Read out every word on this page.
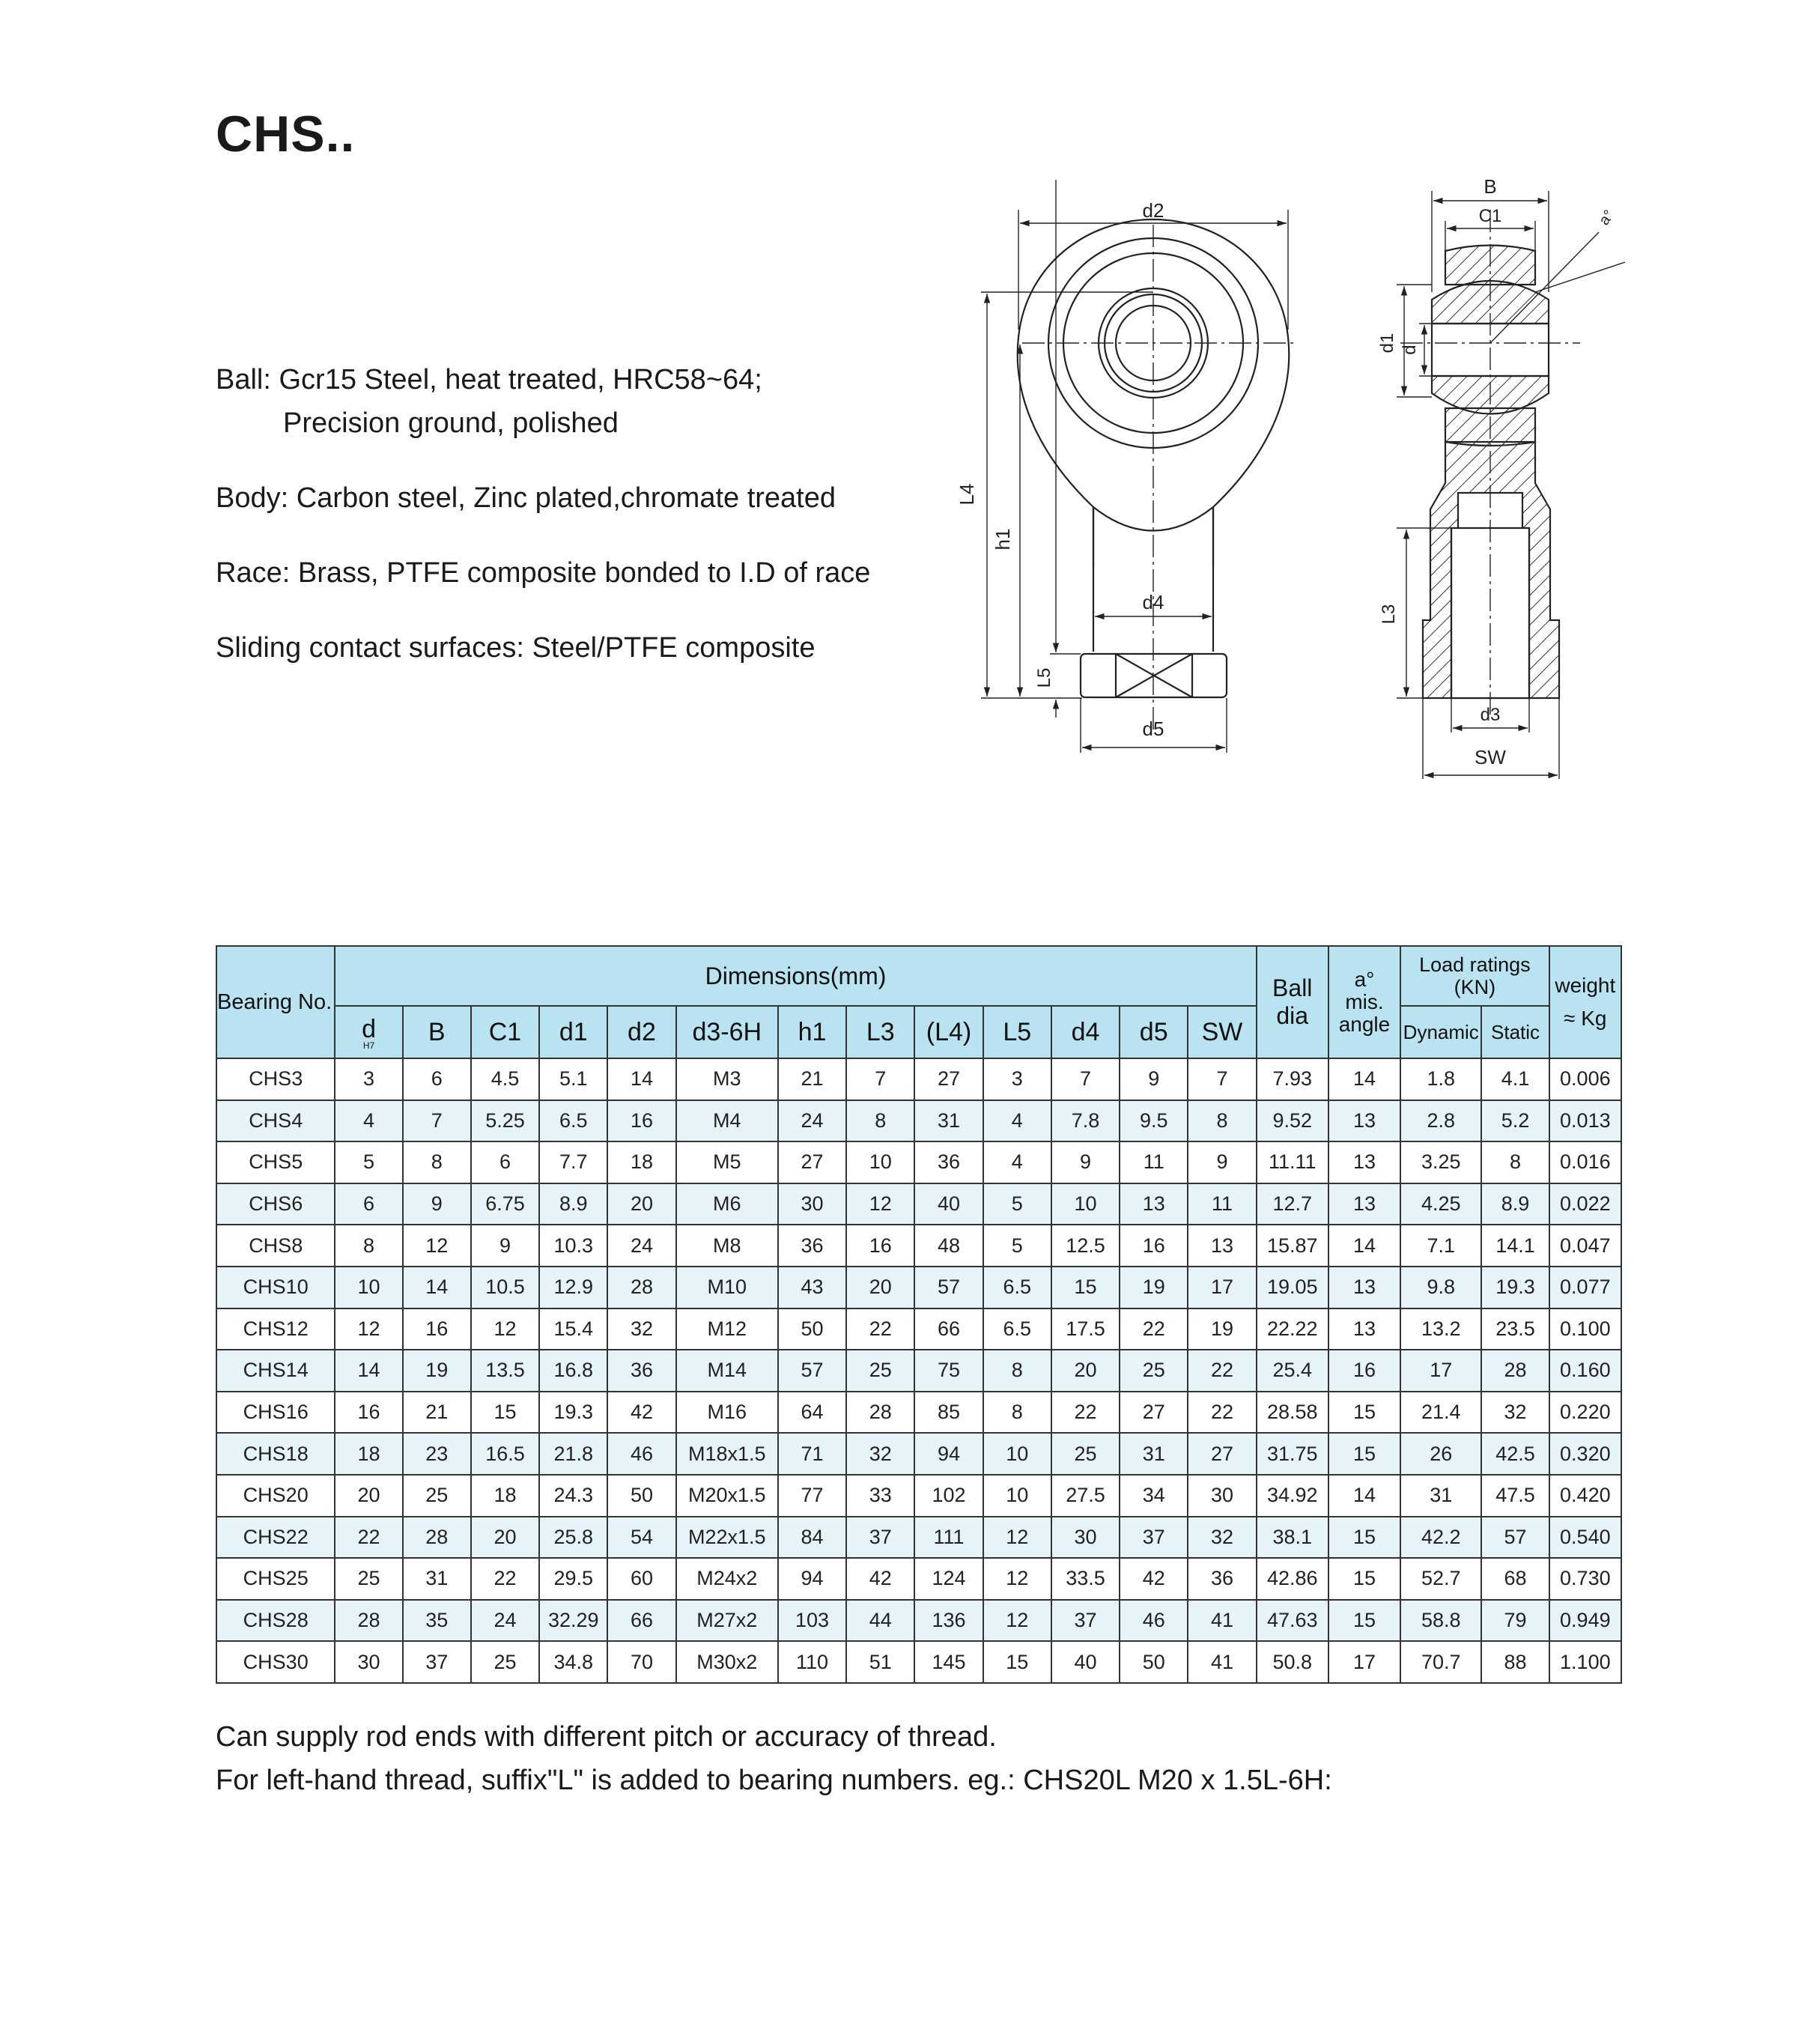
CHS..
Ball: Gcr15 Steel, heat treated, HRC58~64;
Precision ground, polished
Body: Carbon steel, Zinc plated,chromate treated
Race: Brass, PTFE composite bonded to I.D of race
Sliding contact surfaces: Steel/PTFE composite
d2
L4
h1
d4
L5
d5
B
C1	a°
d1 d
L3
d3
SW
Bearing No.	Dimensions(mm)	Ball
dia

a°
mis.
angle

Load ratings
(KN)	weight
≈ Kg

	d
H7	B	C1	d1	d2	d3-6H	h1	L3	(L4)	L5	d4	d5	SW			Dynamic	Static	
CHS3	3	6	4.5	5.1	14	M3	21	7	27	3	7	9	7	7.93	14	1.8	4.1	0.006
CHS4	4	7	5.25	6.5	16	M4	24	8	31	4	7.8	9.5	8	9.52	13	2.8	5.2	0.013
CHS5	5	8	6	7.7	18	M5	27	10	36	4	9	11	9	11.11	13	3.25	8	0.016
CHS6	6	9	6.75	8.9	20	M6	30	12	40	5	10	13	11	12.7	13	4.25	8.9	0.022
CHS8	8	12	9	10.3	24	M8	36	16	48	5	12.5	16	13	15.87	14	7.1	14.1	0.047
CHS10	10	14	10.5	12.9	28	M10	43	20	57	6.5	15	19	17	19.05	13	9.8	19.3	0.077
CHS12	12	16	12	15.4	32	M12	50	22	66	6.5	17.5	22	19	22.22	13	13.2	23.5	0.100
CHS14	14	19	13.5	16.8	36	M14	57	25	75	8	20	25	22	25.4	16	17	28	0.160
CHS16	16	21	15	19.3	42	M16	64	28	85	8	22	27	22	28.58	15	21.4	32	0.220
CHS18	18	23	16.5	21.8	46	M18x1.5	71	32	94	10	25	31	27	31.75	15	26	42.5	0.320
CHS20	20	25	18	24.3	50	M20x1.5	77	33	102	10	27.5	34	30	34.92	14	31	47.5	0.420
CHS22	22	28	20	25.8	54	M22x1.5	84	37	111	12	30	37	32	38.1	15	42.2	57	0.540
CHS25	25	31	22	29.5	60	M24x2	94	42	124	12	33.5	42	36	42.86	15	52.7	68	0.730
CHS28	28	35	24	32.29	66	M27x2	103	44	136	12	37	46	41	47.63	15	58.8	79	0.949
CHS30	30	37	25	34.8	70	M30x2	110	51	145	15	40	50	41	50.8	17	70.7	88	1.100
Can supply rod ends with different pitch or accuracy of thread.
For left-hand thread, suffix"L" is added to bearing numbers. eg.: CHS20L M20 x 1.5L-6H:
